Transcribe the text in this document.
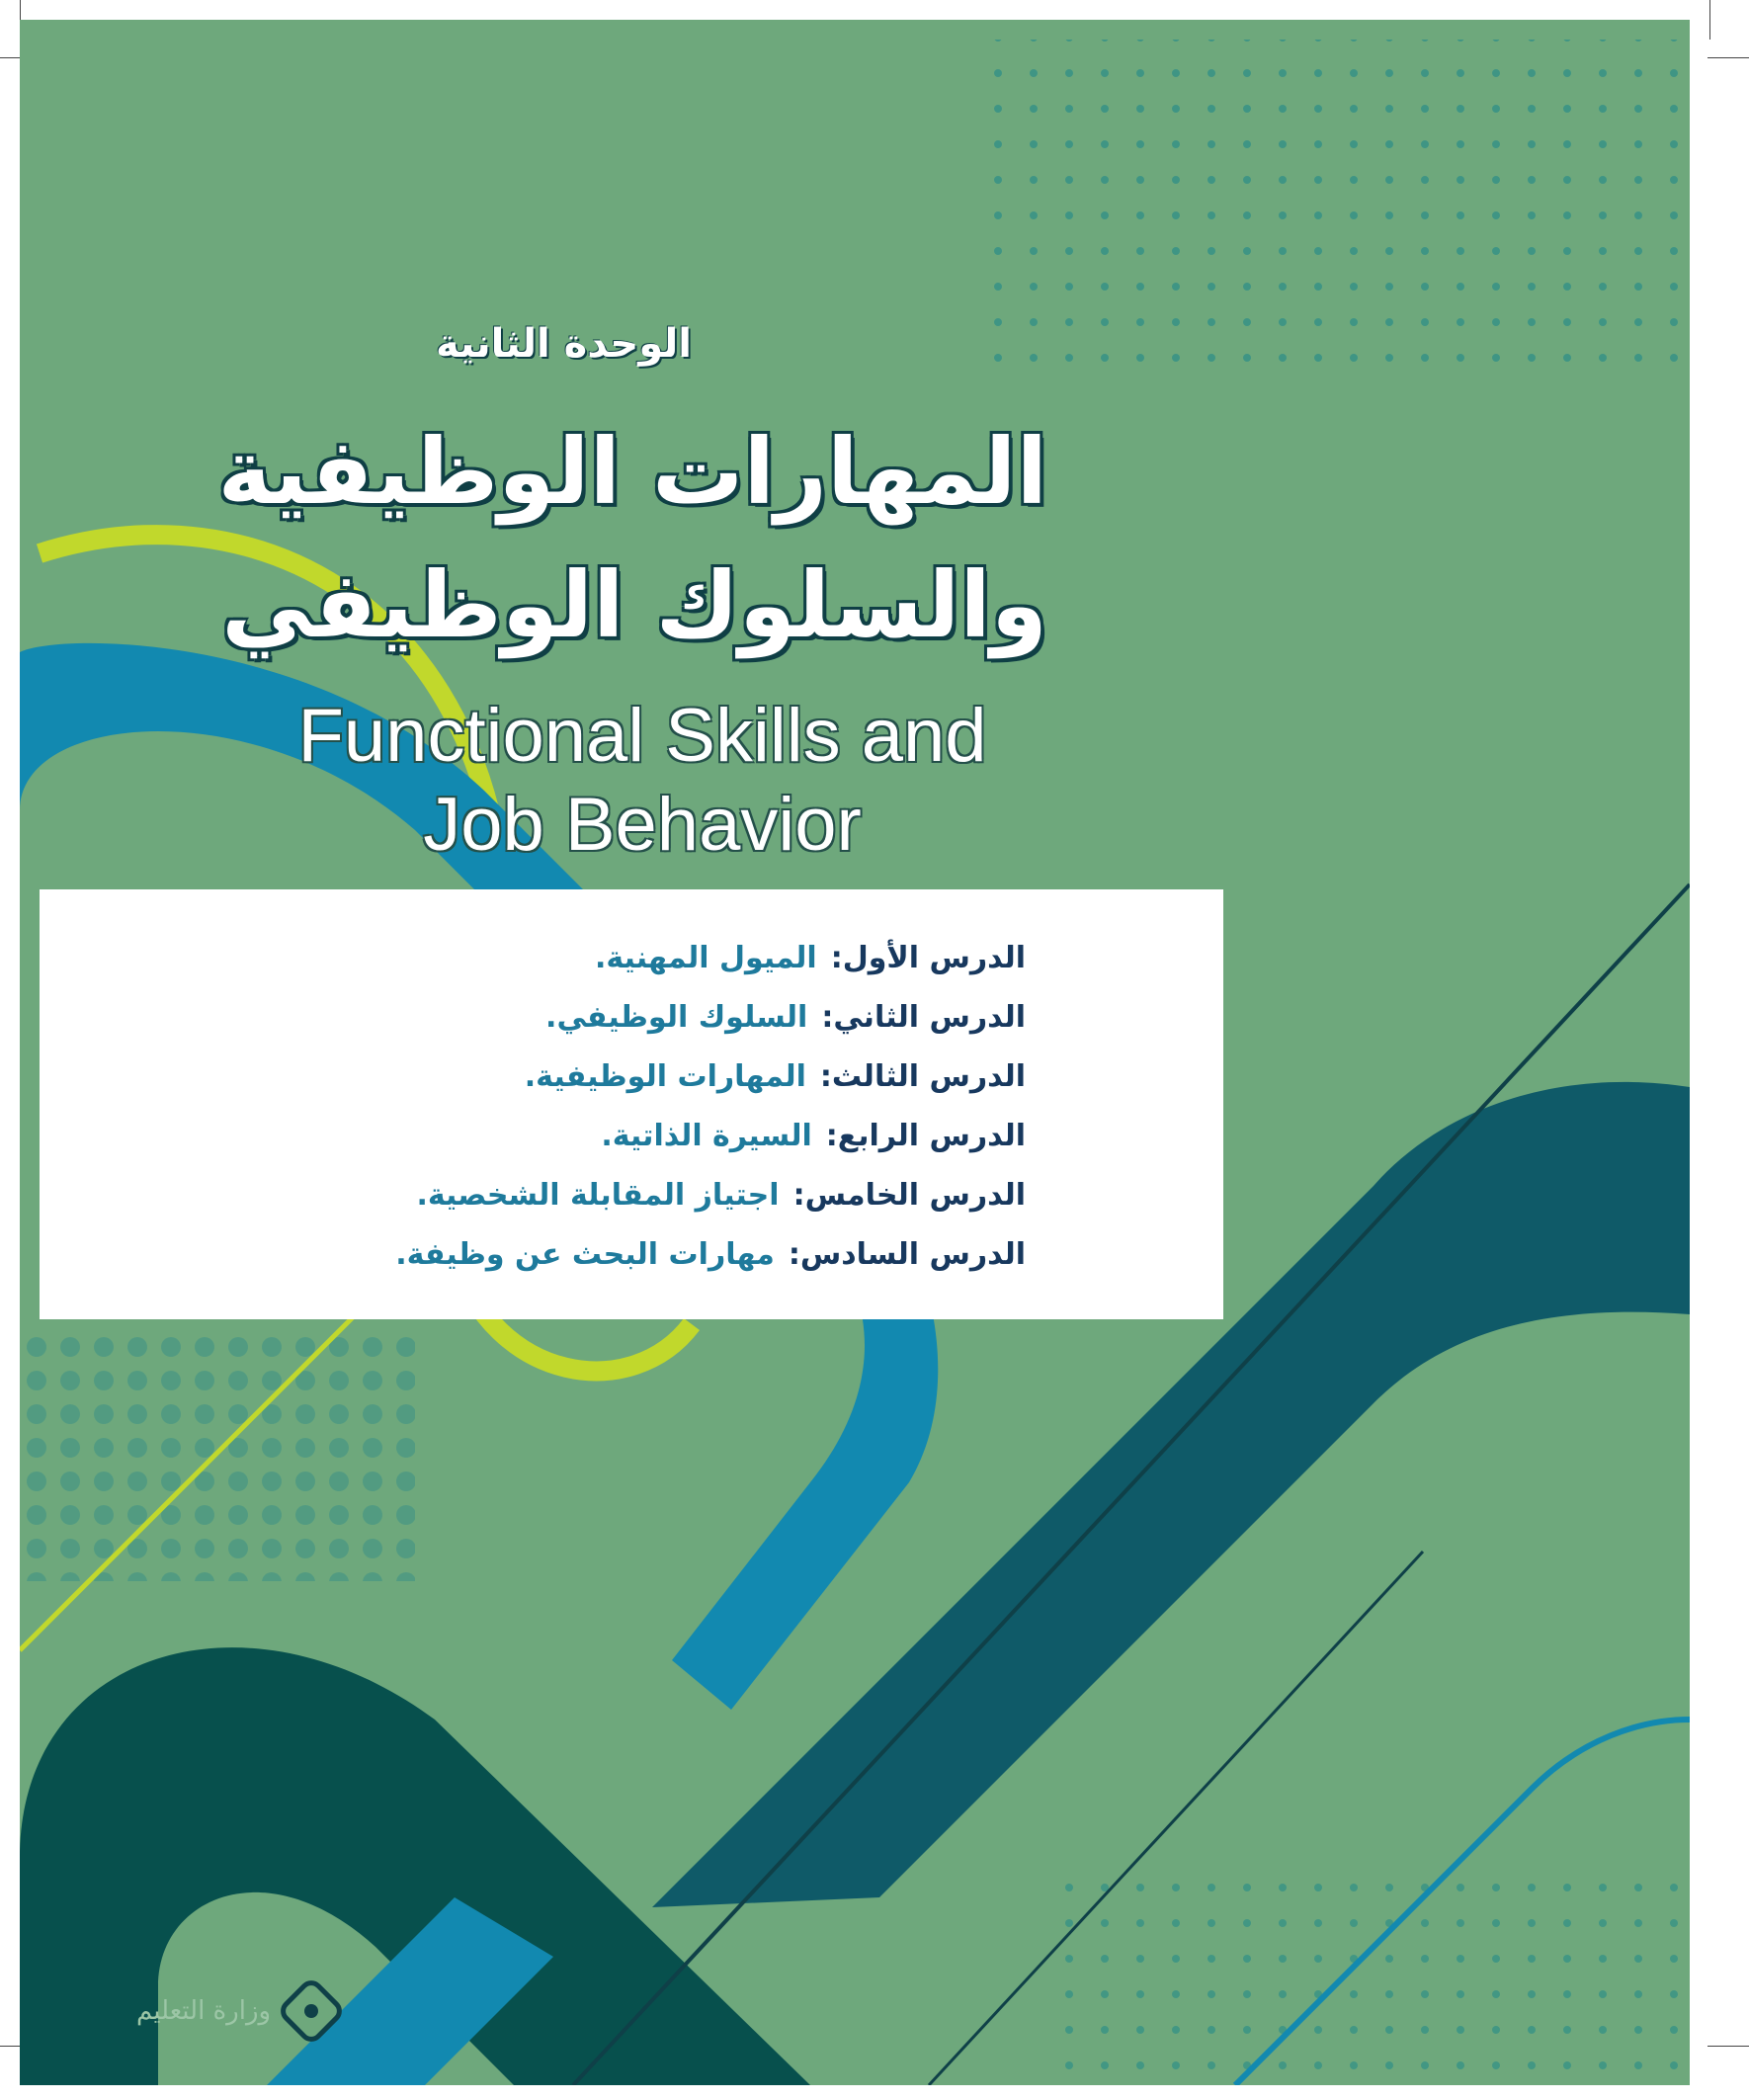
الوحدة الثانية
المهارات الوظيفية
والسلوك الوظيفي
Functional Skills and
Job Behavior
الدرس الأول:الميول المهنية.
الدرس الثاني:السلوك الوظيفي.
الدرس الثالث:المهارات الوظيفية.
الدرس الرابع:السيرة الذاتية.
الدرس الخامس:اجتياز المقابلة الشخصية.
الدرس السادس:مهارات البحث عن وظيفة.
وزارة التعليم
